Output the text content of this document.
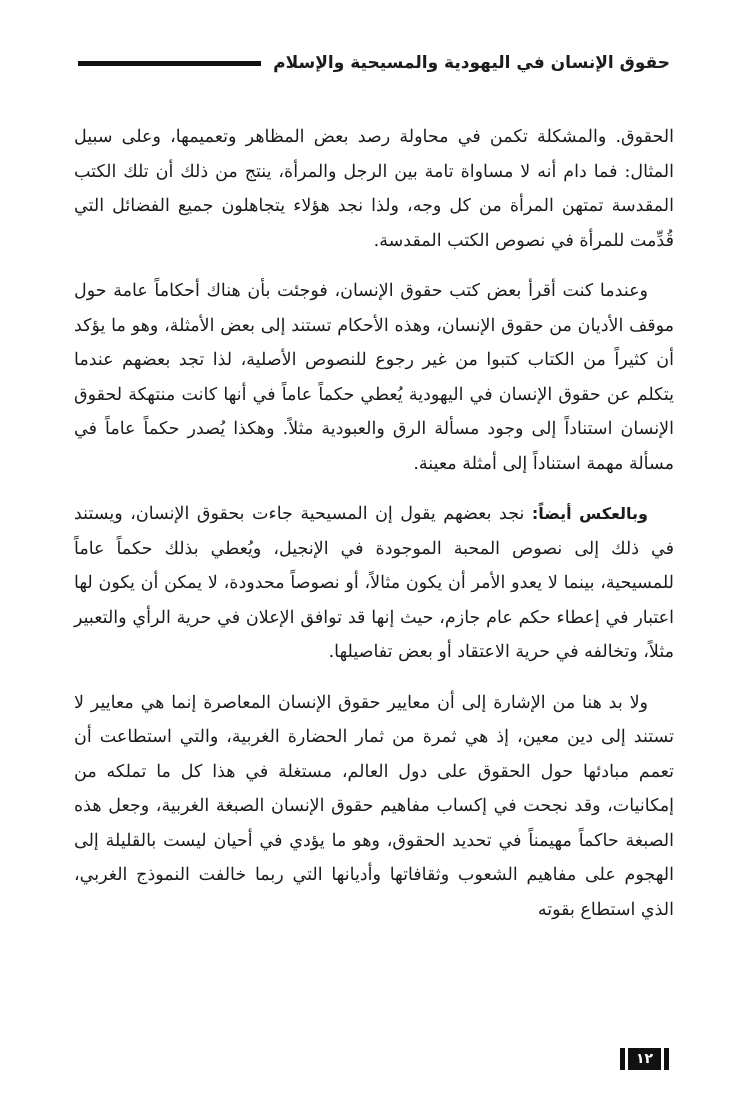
حقوق الإنسان في اليهودية والمسيحية والإسلام

الحقوق. والمشكلة تكمن في محاولة رصد بعض المظاهر وتعميمها، وعلى سبيل المثال: فما دام أنه لا مساواة تامة بين الرجل والمرأة، ينتج من ذلك أن تلك الكتب المقدسة تمتهن المرأة من كل وجه، ولذا نجد هؤلاء يتجاهلون جميع الفضائل التي قُدِّمت للمرأة في نصوص الكتب المقدسة.

وعندما كنت أقرأ بعض كتب حقوق الإنسان، فوجئت بأن هناك أحكاماً عامة حول موقف الأديان من حقوق الإنسان، وهذه الأحكام تستند إلى بعض الأمثلة، وهو ما يؤكد أن كثيراً من الكتاب كتبوا من غير رجوع للنصوص الأصلية، لذا تجد بعضهم عندما يتكلم عن حقوق الإنسان في اليهودية يُعطي حكماً عاماً في أنها كانت منتهكة لحقوق الإنسان استناداً إلى وجود مسألة الرق والعبودية مثلاً. وهكذا يُصدر حكماً عاماً في مسألة مهمة استناداً إلى أمثلة معينة.

وبالعكس أيضاً: نجد بعضهم يقول إن المسيحية جاءت بحقوق الإنسان، ويستند في ذلك إلى نصوص المحبة الموجودة في الإنجيل، ويُعطي بذلك حكماً عاماً للمسيحية، بينما لا يعدو الأمر أن يكون مثالاً، أو نصوصاً محدودة، لا يمكن أن يكون لها اعتبار في إعطاء حكم عام جازم، حيث إنها قد توافق الإعلان في حرية الرأي والتعبير مثلاً، وتخالفه في حرية الاعتقاد أو بعض تفاصيلها.

ولا بد هنا من الإشارة إلى أن معايير حقوق الإنسان المعاصرة إنما هي معايير لا تستند إلى دين معين، إذ هي ثمرة من ثمار الحضارة الغربية، والتي استطاعت أن تعمم مبادئها حول الحقوق على دول العالم، مستغلة في هذا كل ما تملكه من إمكانيات، وقد نجحت في إكساب مفاهيم حقوق الإنسان الصبغة الغربية، وجعل هذه الصبغة حاكماً مهيمناً في تحديد الحقوق، وهو ما يؤدي في أحيان ليست بالقليلة إلى الهجوم على مفاهيم الشعوب وثقافاتها وأديانها التي ربما خالفت النموذج الغربي، الذي استطاع بقوته

١٢
